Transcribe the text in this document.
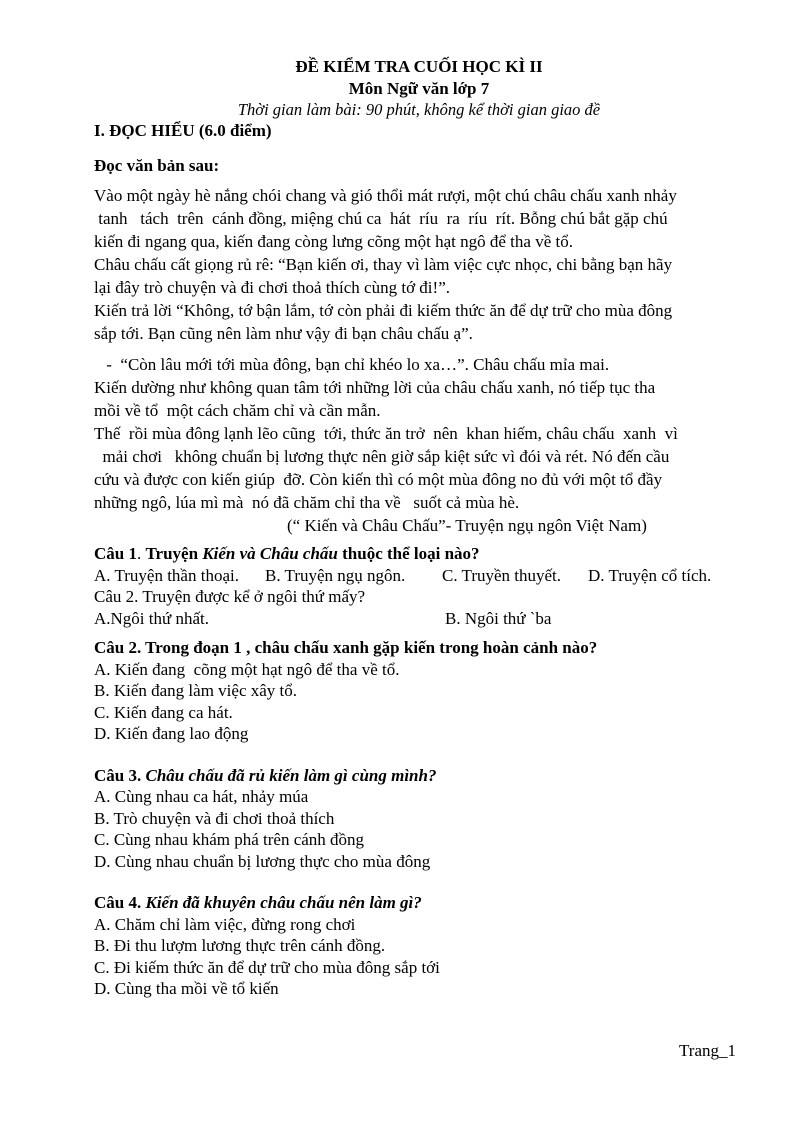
ĐỀ KIỂM TRA CUỐI HỌC KÌ II
Môn Ngữ văn lớp 7
Thời gian làm bài: 90 phút, không kể thời gian giao đề
I. ĐỌC HIỂU (6.0 điểm)
Đọc văn bản sau:

Vào một ngày hè nắng chói chang và gió thổi mát rượi, một chú châu chấu xanh nhảy

tanh   tách  trên  cánh đồng, miệng chú ca  hát  ríu  ra  ríu  rít. Bỗng chú bắt gặp chú

kiến đi ngang qua, kiến đang còng lưng cõng một hạt ngô để tha về tổ.

Châu chấu cất giọng rủ rê: “Bạn kiến ơi, thay vì làm việc cực nhọc, chi bằng bạn hãy

lại đây trò chuyện và đi chơi thoả thích cùng tớ đi!”.

Kiến trả lời “Không, tớ bận lắm, tớ còn phải đi kiếm thức ăn để dự trữ cho mùa đông

sắp tới. Bạn cũng nên làm như vậy đi bạn châu chấu ạ”.

-  “Còn lâu mới tới mùa đông, bạn chỉ khéo lo xa…”. Châu chấu mỉa mai.

Kiến dường như không quan tâm tới những lời của châu chấu xanh, nó tiếp tục tha

mồi về tổ  một cách chăm chỉ và cần mẫn.

Thế  rồi mùa đông lạnh lẽo cũng  tới, thức ăn trở  nên  khan hiếm, châu chấu  xanh  vì

mải chơi   không chuẩn bị lương thực nên giờ sắp kiệt sức vì đói và rét. Nó đến cầu

cứu và được con kiến giúp  đỡ. Còn kiến thì có một mùa đông no đủ với một tổ đầy

những ngô, lúa mì mà  nó đã chăm chỉ tha về   suốt cả mùa hè.

(“ Kiến và Châu Chấu”- Truyện ngụ ngôn Việt Nam)

Câu 1. Truyện Kiến và Châu chấu thuộc thể loại nào?

A. Truyện thần thoại.	B. Truyện ngụ ngôn.	C. Truyền thuyết.	D. Truyện cổ tích.

Câu 2. Truyện được kể ở ngôi thứ mấy?

A.Ngôi thứ nhất.	B. Ngôi thứ `ba

Câu 2. Trong đoạn 1 , châu chấu xanh gặp kiến trong hoàn cảnh nào?

A. Kiến đang  cõng một hạt ngô để tha về tổ.

B. Kiến đang làm việc xây tổ.

C. Kiến đang ca hát.

D. Kiến đang lao động

Câu 3. Châu chấu đã rủ kiến làm gì cùng mình?

A. Cùng nhau ca hát, nhảy múa

B. Trò chuyện và đi chơi thoả thích

C. Cùng nhau khám phá trên cánh đồng

D. Cùng nhau chuẩn bị lương thực cho mùa đông

Câu 4. Kiến đã khuyên châu chấu nên làm gì?

A. Chăm chỉ làm việc, đừng rong chơi

B. Đi thu lượm lương thực trên cánh đồng.

C. Đi kiếm thức ăn để dự trữ cho mùa đông sắp tới

D. Cùng tha mồi về tổ kiến

Trang_1
